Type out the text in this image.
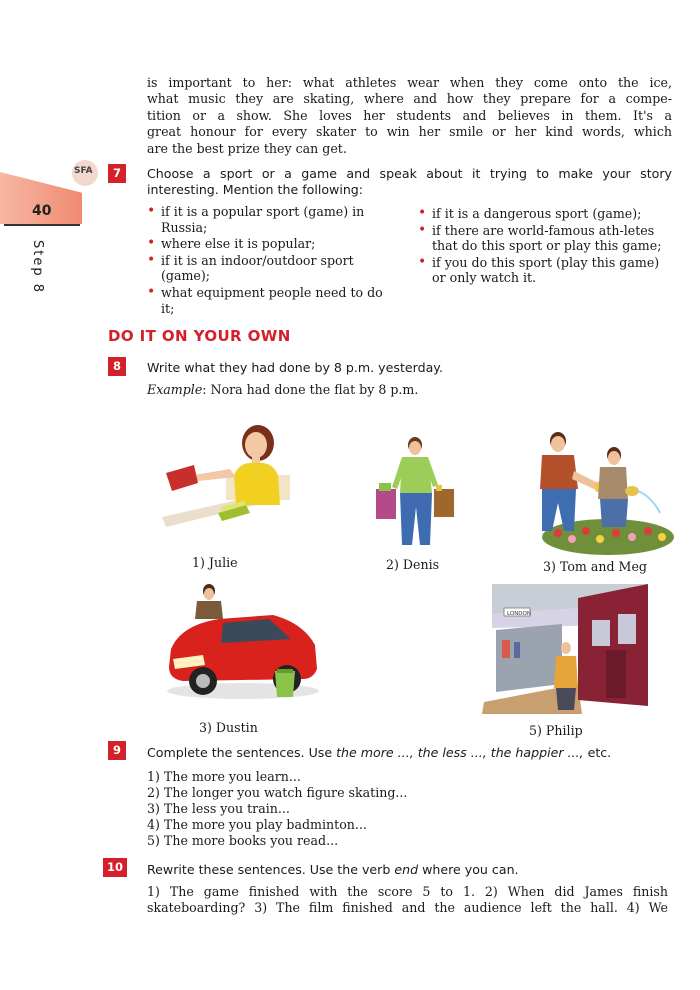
40
Step 8
SFA

is important to her: what athletes wear when they come onto the ice,

what music they are skating, where and how they prepare for a compe-

tition or a show. She loves her students and believes in them. It's a

great honour for every skater to win her smile or her kind words, which

are the best prize they can get.

7	Choose a sport or a game and speak about it trying to make your story
interesting. Mention the following:
• if it is a popular sport (game) in Russia;
• where else it is popular;
• if it is an indoor/outdoor sport (game);
• what equipment people need to do it;
• if it is a dangerous sport (game);
• if there are world-famous ath-letes that do this sport or play this game;
• if you do this sport (play this game) or only watch it.
DO IT ON YOUR OWN
8	Write what they had done by 8 p.m. yesterday.
Example: Nora had done the flat by 8 p.m.
1) Julie	2) Denis	3) Tom and Meg
3) Dustin
LONDON
5) Philip
9	Complete the sentences. Use the more ..., the less ..., the happier ..., etc.
1) The more you learn...
2) The longer you watch figure skating...
3) The less you train...
4) The more you play badminton...
5) The more books you read...
10	Rewrite these sentences. Use the verb end where you can.
1) The game finished with the score 5 to 1. 2) When did James finish
skateboarding? 3) The film finished and the audience left the hall. 4) We
